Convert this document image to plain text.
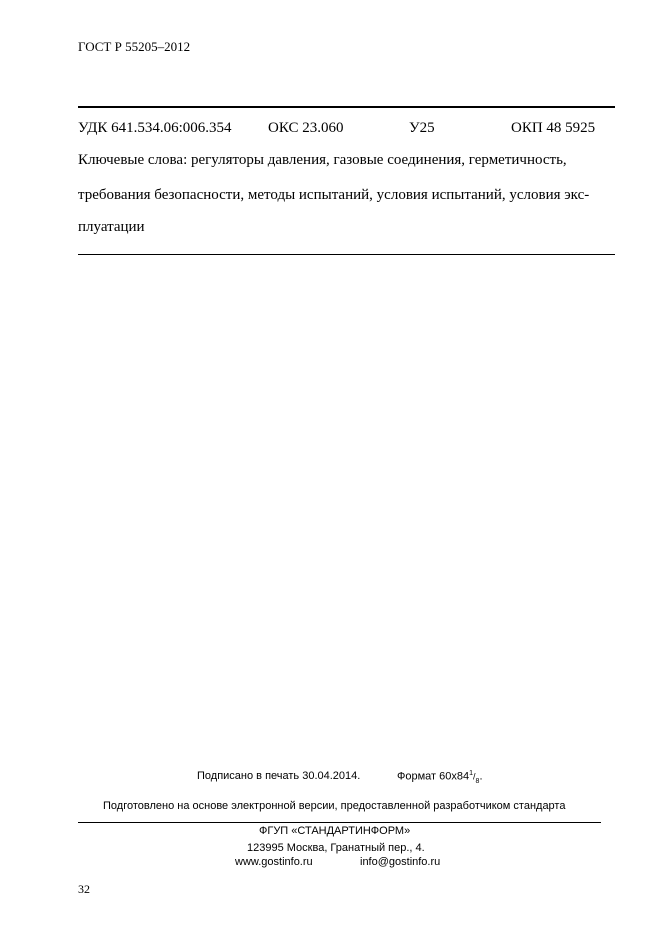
ГОСТ Р 55205–2012
УДК 641.534.06:006.354 ОКС 23.060	У25	ОКП 48 5925
Ключевые слова: регуляторы давления, газовые соединения, герметичность,
требования безопасности, методы испытаний, условия испытаний, условия экс-
плуатации
Подписано в печать 30.04.2014.	Формат $60х84^1/_8$.
Подготовлено на основе электронной версии, предоставленной разработчиком стандарта
ФГУП «СТАНДАРТИНФОРМ»
123995 Москва, Гранатный пер., 4.
www.gostinfo.ru	info@gostinfo.ru
32
